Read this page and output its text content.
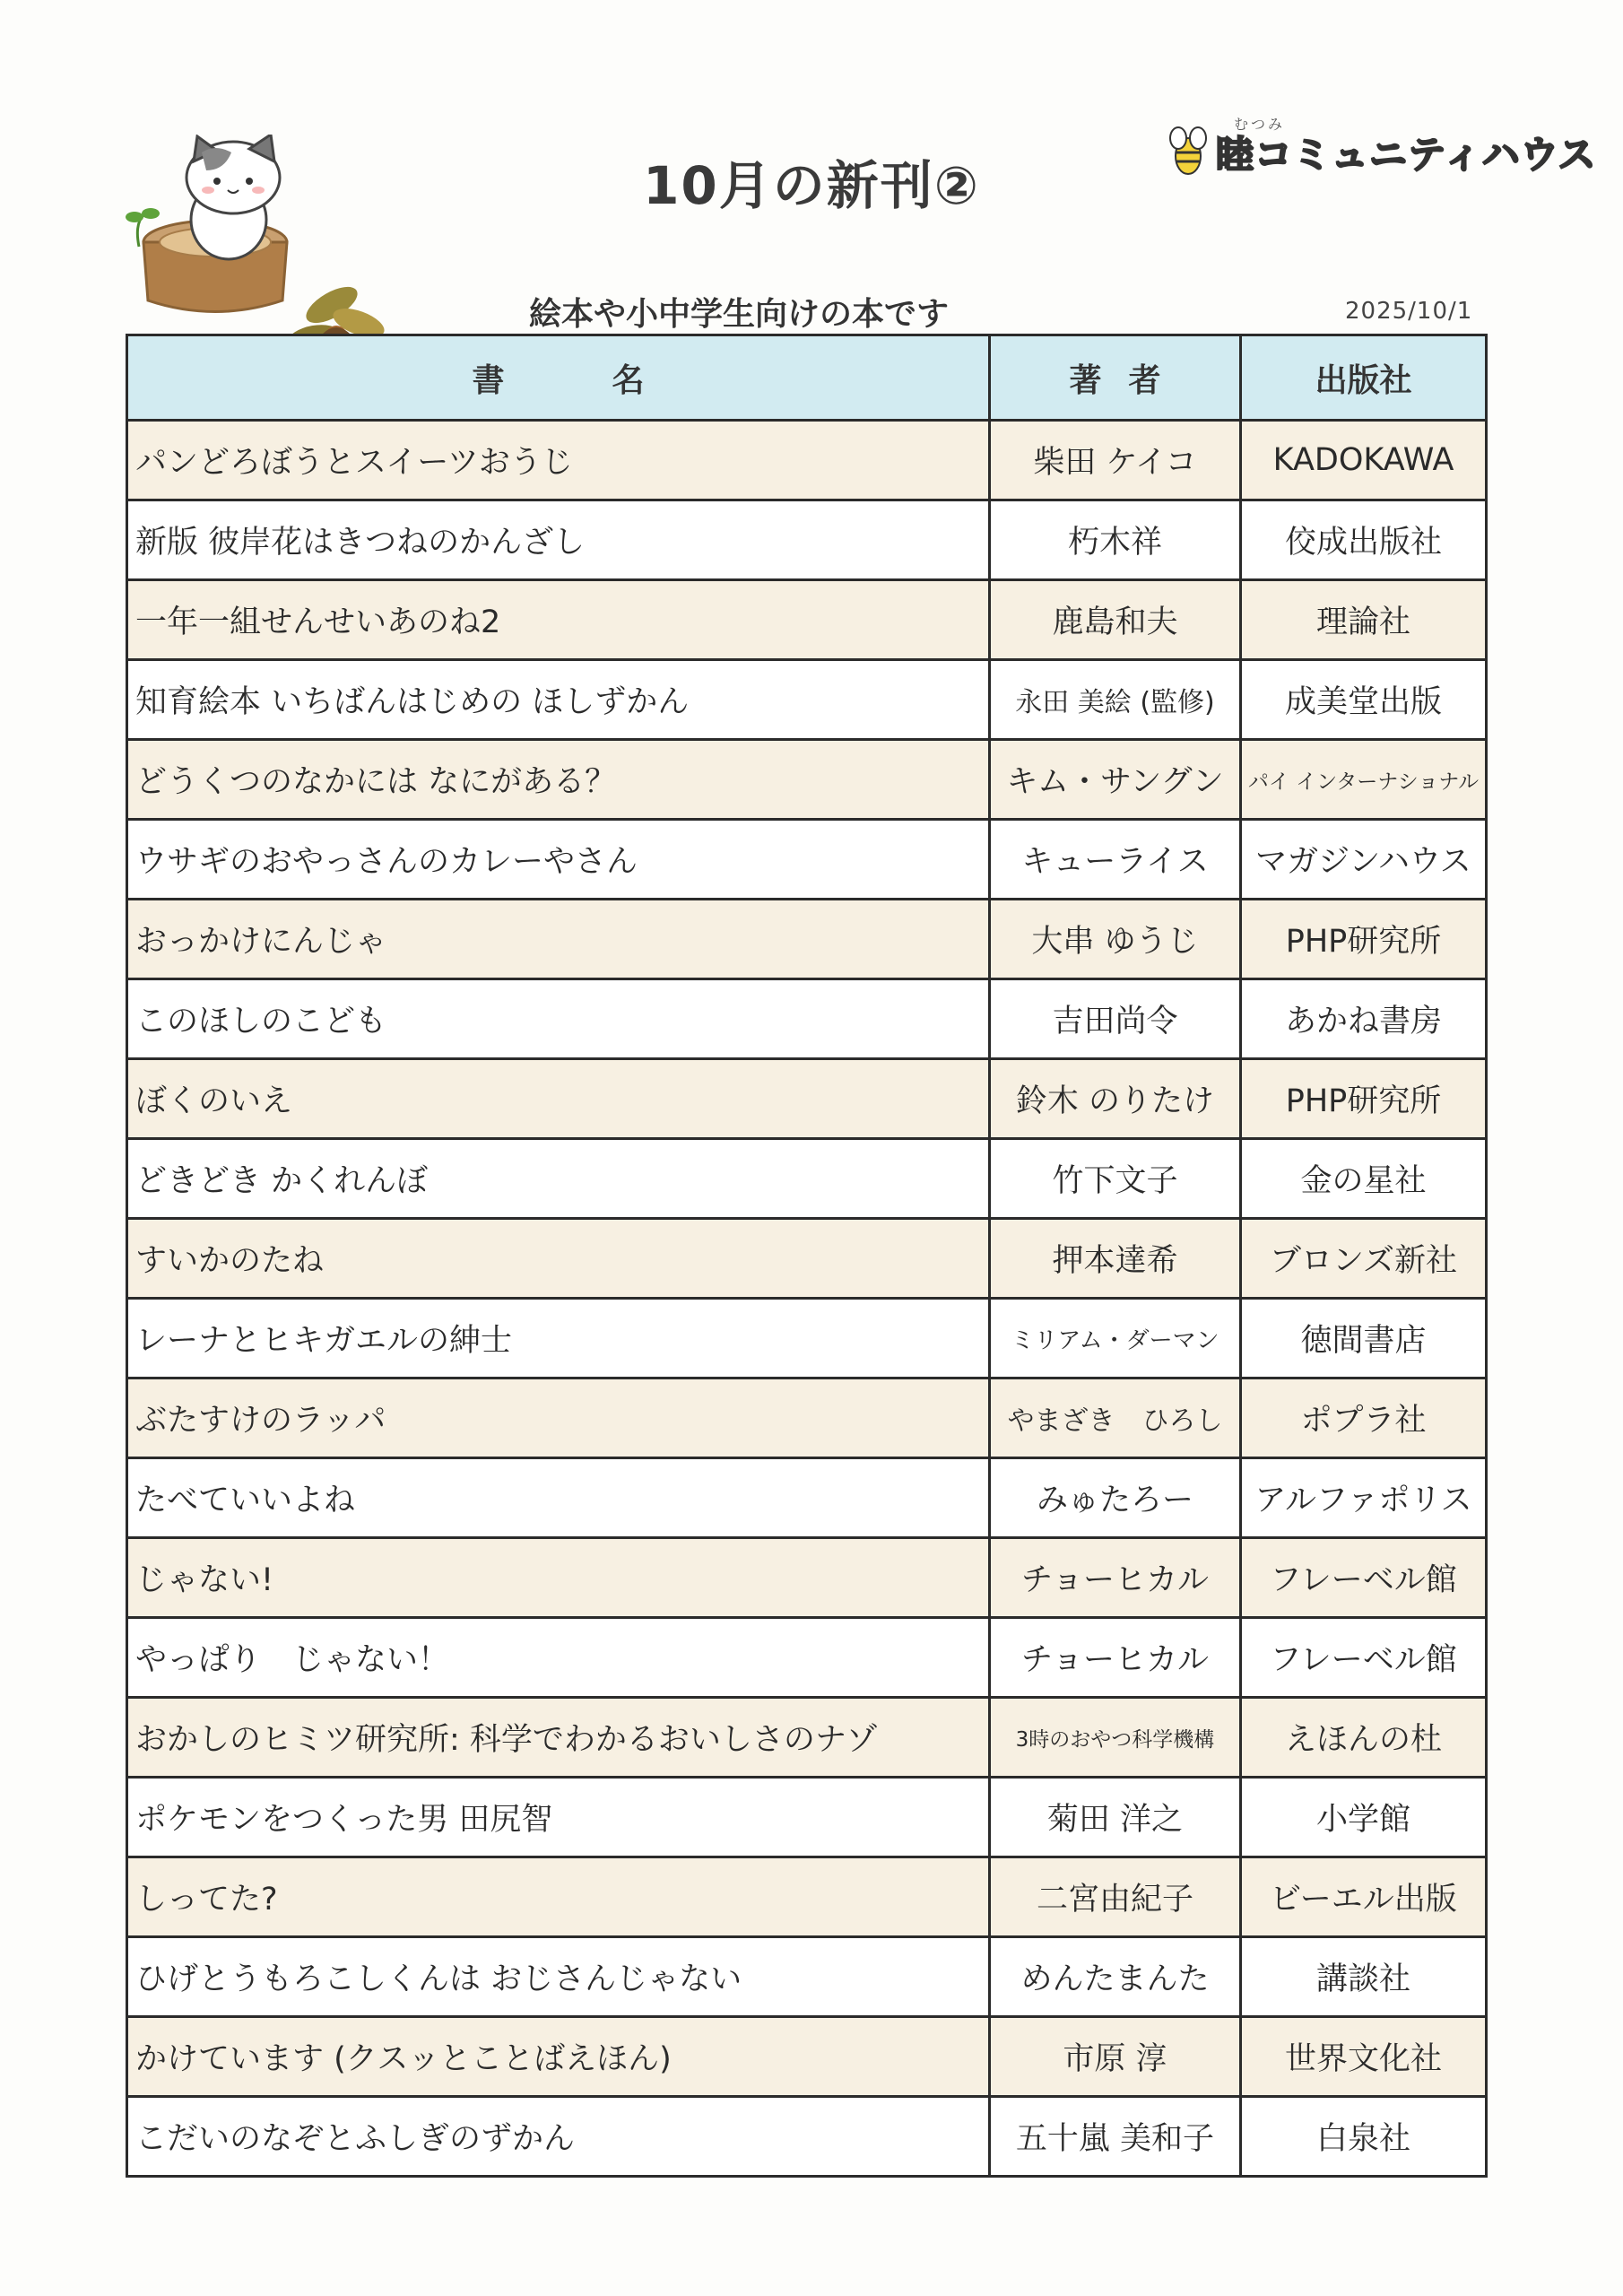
10月の新刊②
むつみ
睦コミュニティハウス
絵本や小中学生向けの本です	2025/10/1
書名	著者	出版社
パンどろぼうとスイーツおうじ	柴田 ケイコ	KADOKAWA
新版 彼岸花はきつねのかんざし	朽木祥	佼成出版社
一年一組せんせいあのね2	鹿島和夫	理論社
知育絵本 いちばんはじめの ほしずかん	永田 美絵 (監修)	成美堂出版
どうくつのなかには なにがある？	キム・サングン	パイ インターナショナル
ウサギのおやっさんのカレーやさん	キューライス	マガジンハウス
おっかけにんじゃ	大串 ゆうじ	PHP研究所
このほしのこども	吉田尚令	あかね書房
ぼくのいえ	鈴木 のりたけ	PHP研究所
どきどき かくれんぼ	竹下文子	金の星社
すいかのたね	押本達希	ブロンズ新社
レーナとヒキガエルの紳士	ミリアム・ダーマン	徳間書店
ぶたすけのラッパ	やまざき　ひろし	ポプラ社
たべていいよね	みゅたろー	アルファポリス
じゃない!	チョーヒカル	フレーベル館
やっぱり　じゃない！	チョーヒカル	フレーベル館
おかしのヒミツ研究所: 科学でわかるおいしさのナゾ	3時のおやつ科学機構	えほんの杜
ポケモンをつくった男 田尻智	菊田 洋之	小学館
しってた?	二宮由紀子	ビーエル出版
ひげとうもろこしくんは おじさんじゃない	めんたまんた	講談社
かけています (クスッとことばえほん)	市原 淳	世界文化社
こだいのなぞとふしぎのずかん	五十嵐 美和子	白泉社
